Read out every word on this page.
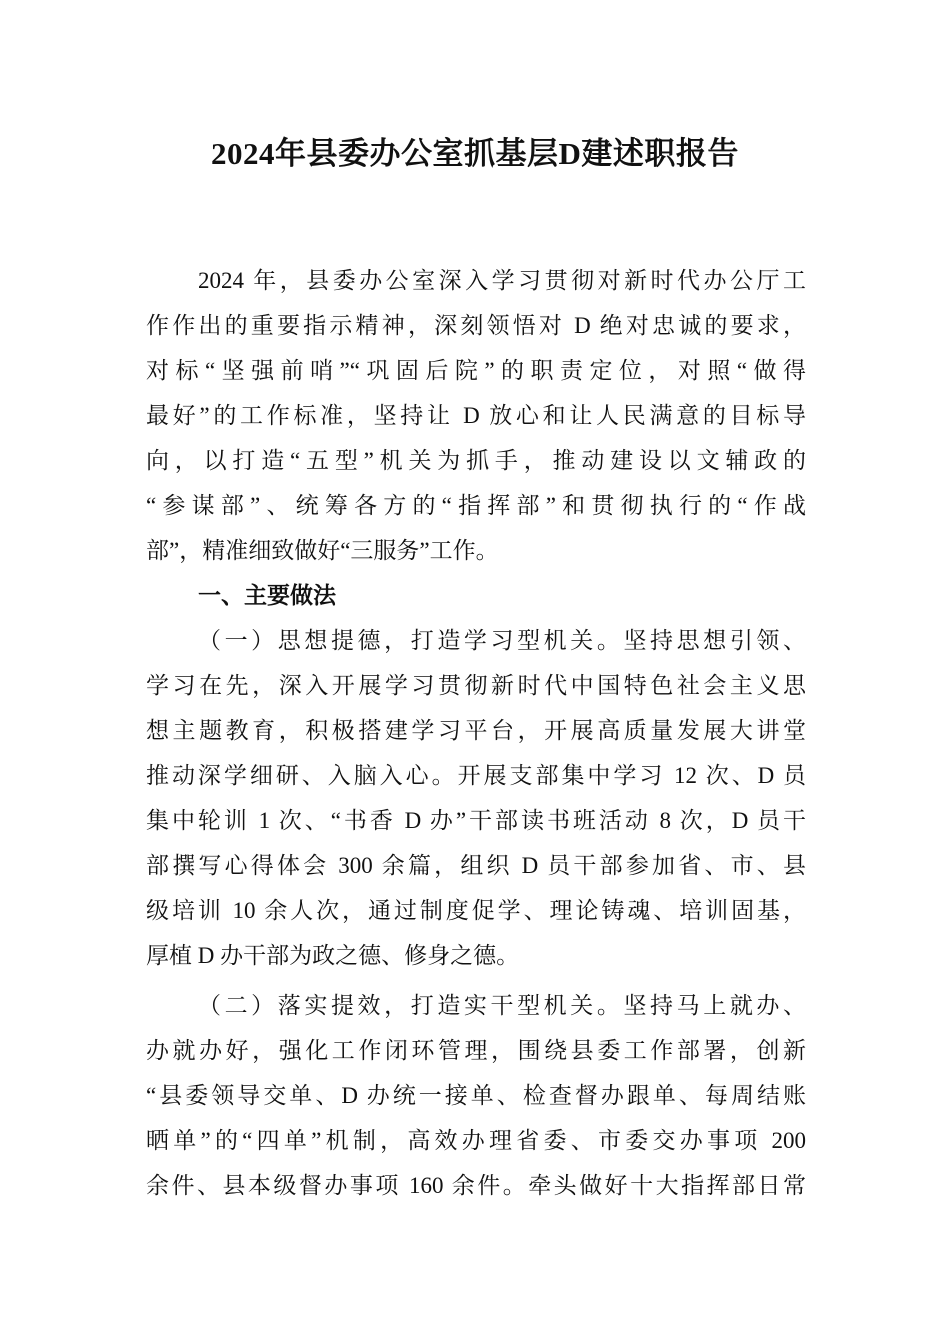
2024年县委办公室抓基层D建述职报告
2024 年，县委办公室深入学习贯彻对新时代办公厅工
作作出的重要指示精神，深刻领悟对 D 绝对忠诚的要求，
对标“坚强前哨”“巩固后院”的职责定位，对照“做得
最好”的工作标准，坚持让 D 放心和让人民满意的目标导
向，以打造“五型”机关为抓手，推动建设以文辅政的
“参谋部”、统筹各方的“指挥部”和贯彻执行的“作战
部”，精准细致做好“三服务”工作。
一、主要做法
（一）思想提德，打造学习型机关。坚持思想引领、
学习在先，深入开展学习贯彻新时代中国特色社会主义思
想主题教育，积极搭建学习平台，开展高质量发展大讲堂
推动深学细研、入脑入心。开展支部集中学习 12 次、D 员
集中轮训 1 次、“书香 D 办”干部读书班活动 8 次，D 员干
部撰写心得体会 300 余篇，组织 D 员干部参加省、市、县
级培训 10 余人次，通过制度促学、理论铸魂、培训固基，
厚植 D 办干部为政之德、修身之德。
（二）落实提效，打造实干型机关。坚持马上就办、
办就办好，强化工作闭环管理，围绕县委工作部署，创新
“县委领导交单、D 办统一接单、检查督办跟单、每周结账
晒单”的“四单”机制，高效办理省委、市委交办事项 200
余件、县本级督办事项 160 余件。牵头做好十大指挥部日常
